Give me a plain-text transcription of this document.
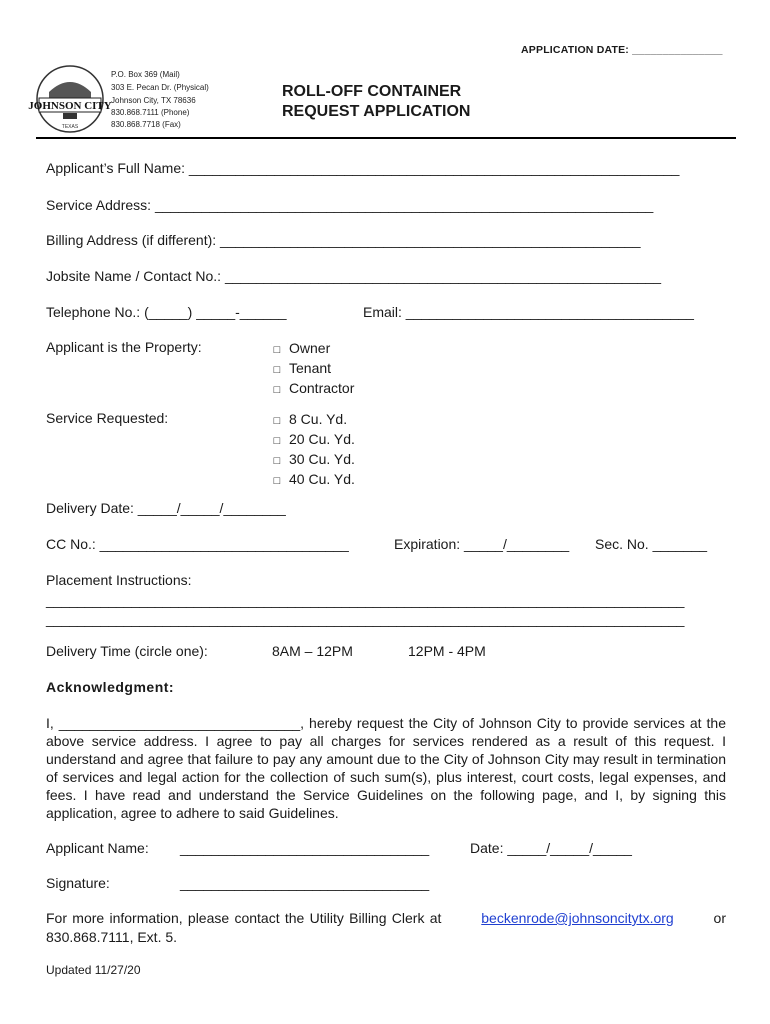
APPLICATION DATE: _______________
JOHNSON CITY
TEXAS
P.O. Box 369 (Mail)
303 E. Pecan Dr. (Physical)
Johnson City, TX 78636
830.868.7111 (Phone)
830.868.7718 (Fax)
ROLL-OFF CONTAINER
REQUEST APPLICATION
Applicant’s Full Name: _______________________________________________________________
Service Address: ________________________________________________________________
Billing Address (if different): ______________________________________________________
Jobsite Name / Contact No.: ________________________________________________________
Telephone No.: (_____) _____-______	Email: _____________________________________
Applicant is the Property:	□ Owner
□ Tenant
□ Contractor
Service Requested:	□ 8 Cu. Yd.
□ 20 Cu. Yd.
□ 30 Cu. Yd.
□ 40 Cu. Yd.
Delivery Date: _____/_____/________
CC No.: ________________________________	Expiration: _____/________ Sec. No. _______
Placement Instructions:
__________________________________________________________________________________
__________________________________________________________________________________
Delivery Time (circle one):	8AM – 12PM	12PM - 4PM
Acknowledgment:
I, _______________________________, hereby request the City of Johnson City to provide services at the above service address. I agree to pay all charges for services rendered as a result of this request. I understand and agree that failure to pay any amount due to the City of Johnson City may result in termination of services and legal action for the collection of such sum(s), plus interest, court costs, legal expenses, and fees. I have read and understand the Service Guidelines on the following page, and I, by signing this application, agree to adhere to said Guidelines.
Applicant Name: ________________________________	Date: _____/_____/_____
Signature:	________________________________
For more information, please contact the Utility Billing Clerk at	beckenrode@johnsoncitytx.org	or
830.868.7111, Ext. 5.
Updated 11/27/20
